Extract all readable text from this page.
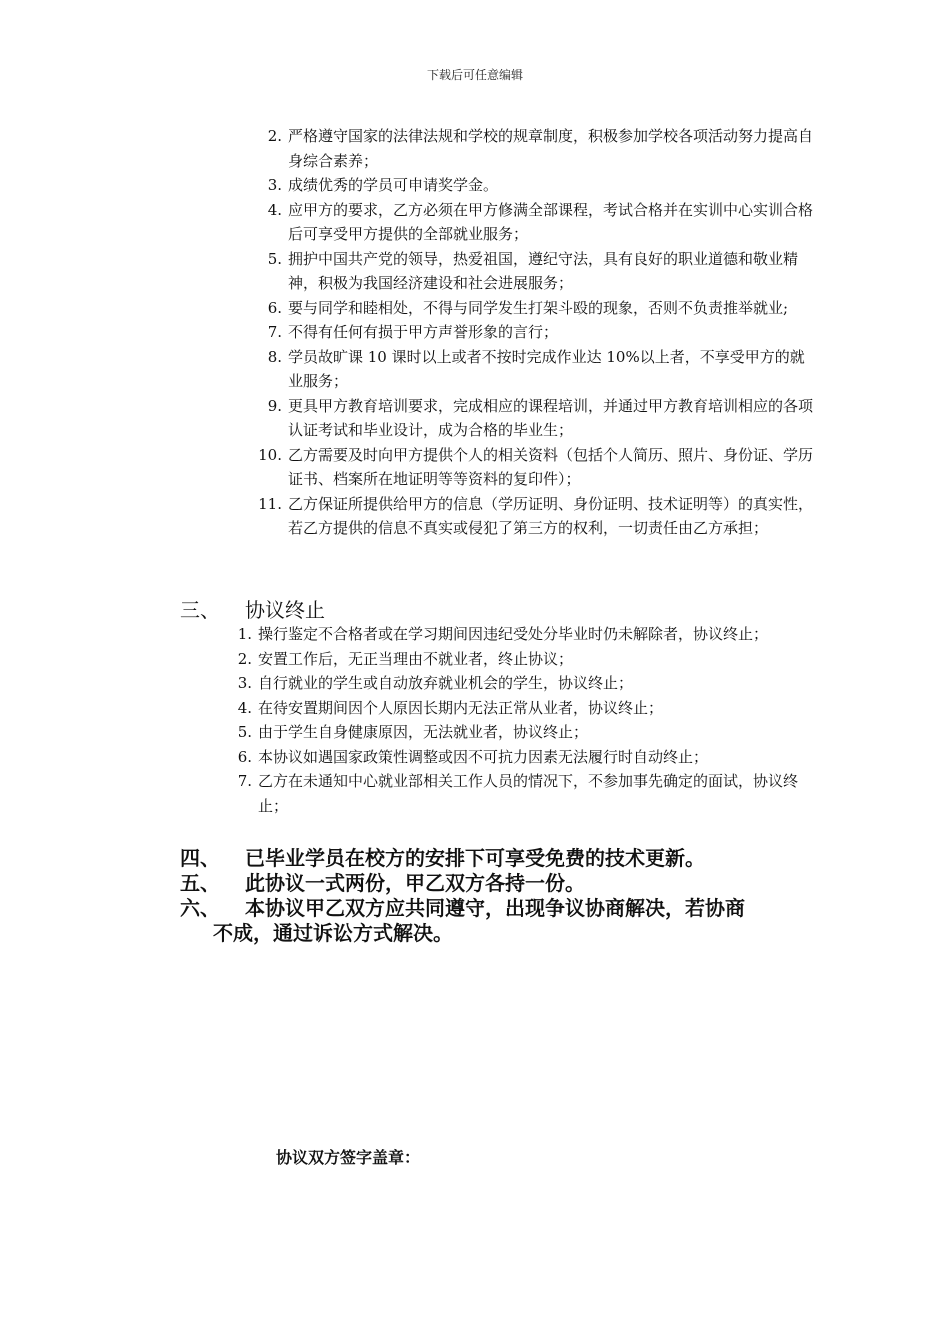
下载后可任意编辑
2. 严格遵守国家的法律法规和学校的规章制度，积极参加学校各项活动努力提高自身综合素养；
3. 成绩优秀的学员可申请奖学金。
4. 应甲方的要求，乙方必须在甲方修满全部课程，考试合格并在实训中心实训合格后可享受甲方提供的全部就业服务；
5. 拥护中国共产党的领导，热爱祖国，遵纪守法，具有良好的职业道德和敬业精神，积极为我国经济建设和社会进展服务；
6. 要与同学和睦相处，不得与同学发生打架斗殴的现象，否则不负责推举就业;
7. 不得有任何有损于甲方声誉形象的言行；
8. 学员故旷课 10 课时以上或者不按时完成作业达 10%以上者，不享受甲方的就业服务；
9. 更具甲方教育培训要求，完成相应的课程培训，并通过甲方教育培训相应的各项认证考试和毕业设计，成为合格的毕业生；
10. 乙方需要及时向甲方提供个人的相关资料（包括个人简历、照片、身份证、学历证书、档案所在地证明等等资料的复印件）；
11. 乙方保证所提供给甲方的信息（学历证明、身份证明、技术证明等）的真实性，若乙方提供的信息不真实或侵犯了第三方的权利，一切责任由乙方承担；
三、 协议终止
1. 操行鉴定不合格者或在学习期间因违纪受处分毕业时仍未解除者，协议终止；
2. 安置工作后，无正当理由不就业者，终止协议；
3. 自行就业的学生或自动放弃就业机会的学生，协议终止；
4. 在待安置期间因个人原因长期内无法正常从业者，协议终止；
5. 由于学生自身健康原因，无法就业者，协议终止；
6. 本协议如遇国家政策性调整或因不可抗力因素无法履行时自动终止；
7. 乙方在未通知中心就业部相关工作人员的情况下，不参加事先确定的面试，协议终止；
四、 已毕业学员在校方的安排下可享受免费的技术更新。
五、 此协议一式两份，甲乙双方各持一份。
六、 本协议甲乙双方应共同遵守，出现争议协商解决，若协商
不成，通过诉讼方式解决。
协议双方签字盖章：
